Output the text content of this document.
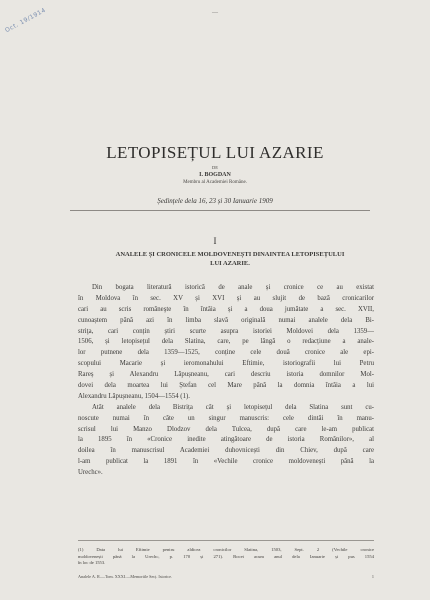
Oct. 19/1914	—
LETOPISEȚUL LUI AZARIE
DE
I. BOGDAN
Membru al Academiei Române.
Ședințele dela 16, 23 și 30 Ianuarie 1909
I
ANALELE ȘI CRONICELE MOLDOVENEȘTI DINAINTEA LETOPISEȚULUI
LUI AZARIE.
Din bogata literatură istorică de anale și cronice ce au existat
în Moldova în sec. XV și XVI și au slujit de bază cronicarilor
cari au scris româneşte în întâia și a doua jumătate a sec. XVII,
cunoaștem până azi în limba slavă originală numai analele dela Bi-
striţa, cari conțin știri scurte asupra istoriei Moldovei dela 1359—
1506, și letopisețul dela Slatina, care, pe lângă o redacțiune a anale-
lor putnene dela 1359—1525, conține cele două cronice ale epi-
scopului Macarie și ieromonahului Eftimie, istoriografii lui Petru
Rareș și Alexandru Lăpușneanu, cari descriu istoria domnilor Mol-
dovei dela moartea lui Ștefan cel Mare până la domnia întâia a lui
Alexandru Lăpușneanu, 1504—1554 (1).
Atât analele dela Bistrița cât și letopisețul dela Slatina sunt cu-
noscute numai în câte un singur manuscris: cele dintâi în manu-
scrisul lui Manzo Dlodzov dela Tulcea, după care le-am publicat
la 1895 în «Cronice inedite atingătoare de istoria Românilor», al
doilea în manuscrisul Academiei duhovnicești din Chiev, după care
l-am publicat la 1891 în «Vechile cronice moldovenești până la
Urechc».
(1) Data lui Eftimie pentru aldicea cronicilor Slatina, 1503, Sept. 2 (Vechile cronice
moldovenești până la Urechc, p. 170 și 271). Bocet acum anul dela Ianuarie și pus 1554
în loc de 1553.
Analele A. R.—Tom. XXXI.—Memoriile Secț. Istorice.	1
